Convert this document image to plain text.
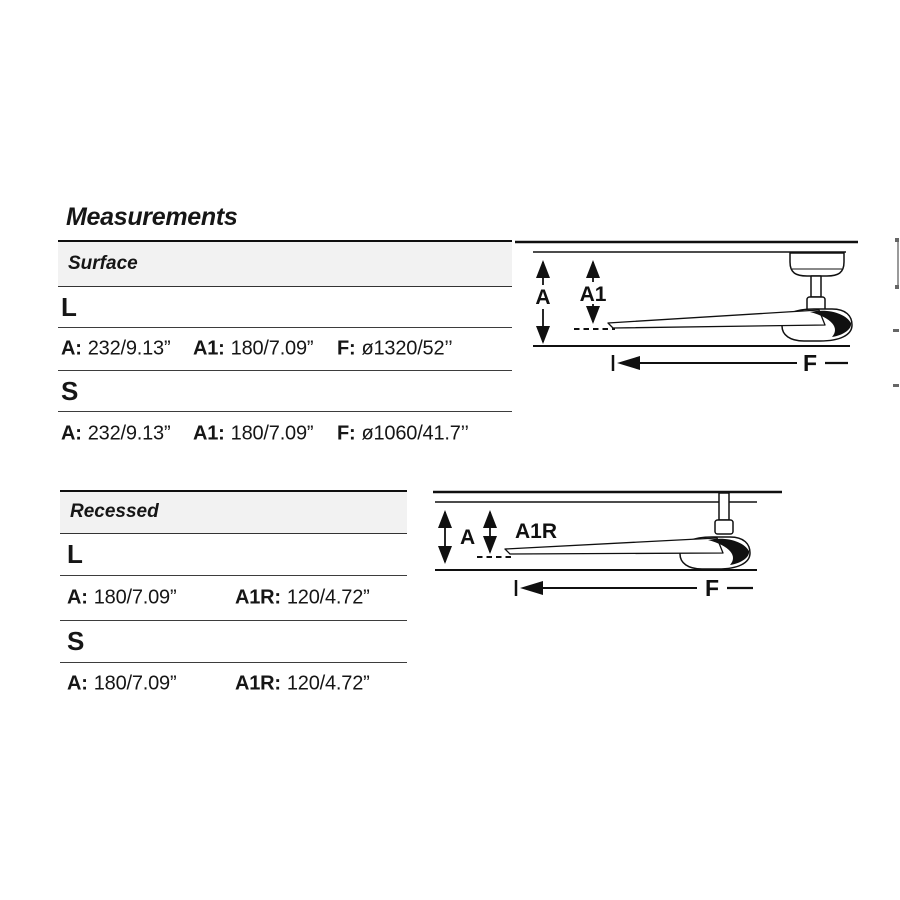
Measurements
Surface
L
A: 232/9.13” A1: 180/7.09” F: ø1320/52’’
S
A: 232/9.13” A1: 180/7.09” F: ø1060/41.7’’
A A1
F
Recessed
L
A: 180/7.09”	A1R: 120/4.72”
S
A: 180/7.09”	A1R: 120/4.72”
A A1R
F
